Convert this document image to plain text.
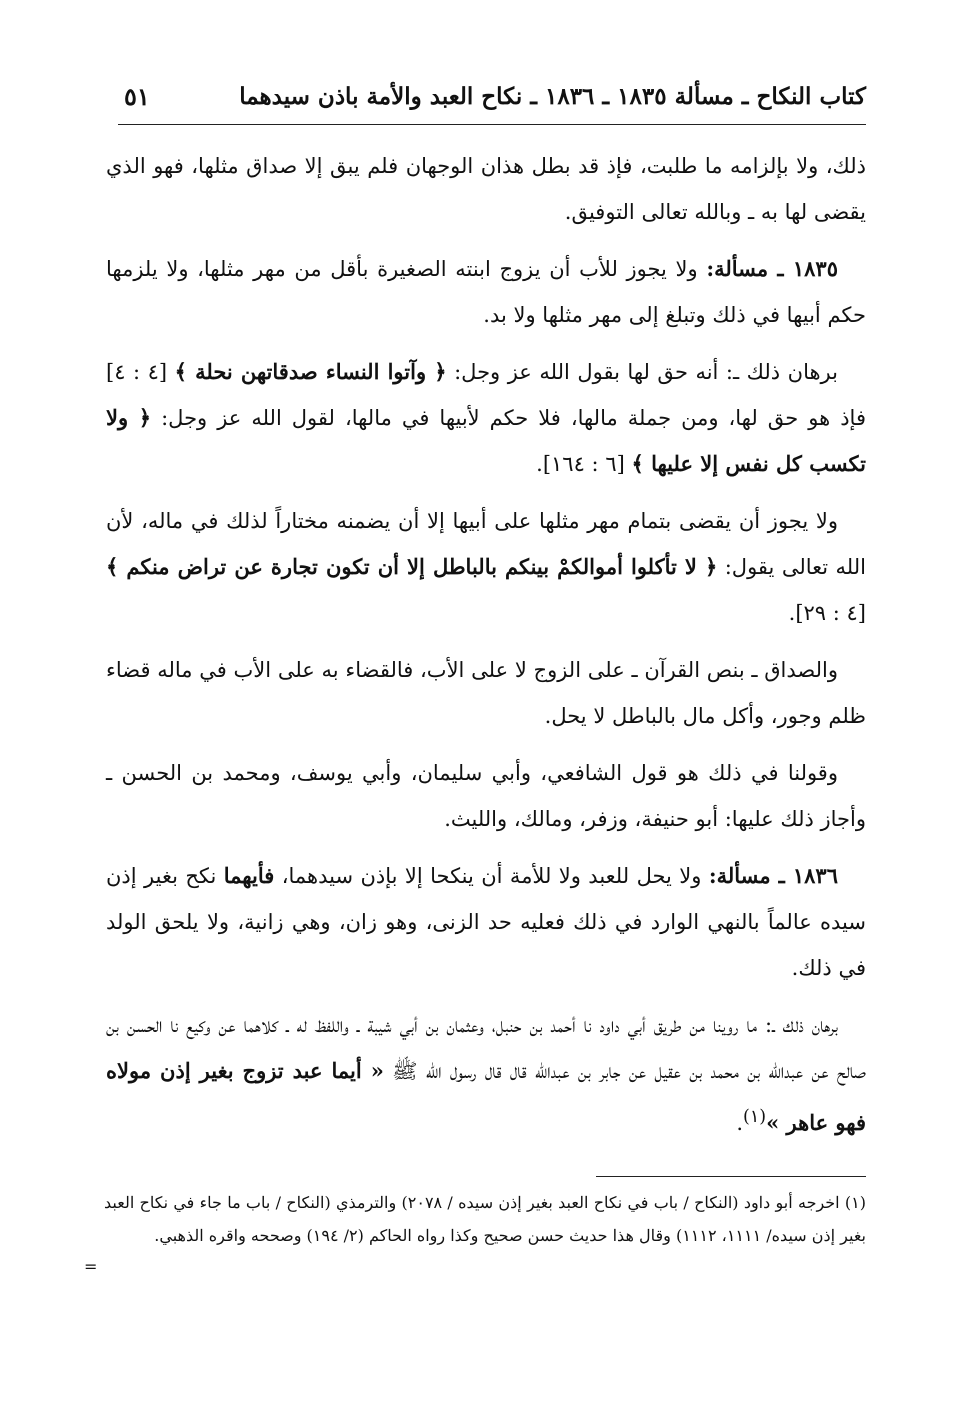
كتاب النكاح ـ مسألة ١٨٣٥ ـ ١٨٣٦ ـ نكاح العبد والأمة باذن سيدهما
٥١

ذلك، ولا بإلزامه ما طلبت، فإذ قد بطل هذان الوجهان فلم يبق إلا صداق مثلها، فهو الذي يقضى لها به ـ وبالله تعالى التوفيق.

١٨٣٥ ـ مسألة: ولا يجوز للأب أن يزوج ابنته الصغيرة بأقل من مهر مثلها، ولا يلزمها حكم أبيها في ذلك وتبلغ إلى مهر مثلها ولا بد.

برهان ذلك ـ: أنه حق لها بقول الله عز وجل: ﴿ وآتوا النساء صدقاتهن نحلة ﴾ [٤ : ٤] فإذ هو حق لها، ومن جملة مالها، فلا حكم لأبيها في مالها، لقول الله عز وجل: ﴿ ولا تكسب كل نفس إلا عليها ﴾ [٦ : ١٦٤].

ولا يجوز أن يقضى بتمام مهر مثلها على أبيها إلا أن يضمنه مختاراً لذلك في ماله، لأن الله تعالى يقول: ﴿ لا تأكلوا أموالكمْ بينكم بالباطل إلا أن تكون تجارة عن تراض منكم ﴾ [٤ : ٢٩].

والصداق ـ بنص القرآن ـ على الزوج لا على الأب، فالقضاء به على الأب في ماله قضاء ظلم وجور، وأكل مال بالباطل لا يحل.

وقولنا في ذلك هو قول الشافعي، وأبي سليمان، وأبي يوسف، ومحمد بن الحسن ـ وأجاز ذلك عليها: أبو حنيفة، وزفر، ومالك، والليث.

١٨٣٦ ـ مسألة: ولا يحل للعبد ولا للأمة أن ينكحا إلا بإذن سيدهما، فأيهما نكح بغير إذن سيده عالماً بالنهي الوارد في ذلك فعليه حد الزنى، وهو زان، وهي زانية، ولا يلحق الولد في ذلك.

برهان ذلك ـ: ما روينا من طريق أبي داود نا أحمد بن حنبل، وعثمان بن أبي شيبة ـ واللفظ له ـ كلاهما عن وكيع نا الحسن بن صالح عن عبدالله بن محمد بن عقيل عن جابر بن عبدالله قال قال رسول الله ﷺ « أيما عبد تزوج بغير إذن مولاه فهو عاهر »$^{(١)}$.

(١) اخرجه أبو داود (النكاح / باب في نكاح العبد بغير إذن سيده / ٢٠٧٨) والترمذي (النكاح / باب ما جاء في نكاح العبد بغير إذن سيده/ ١١١١، ١١١٢) وقال هذا حديث حسن صحيح وكذا رواه الحاكم (٢/ ١٩٤) وصححه واقره الذهبي.

=
